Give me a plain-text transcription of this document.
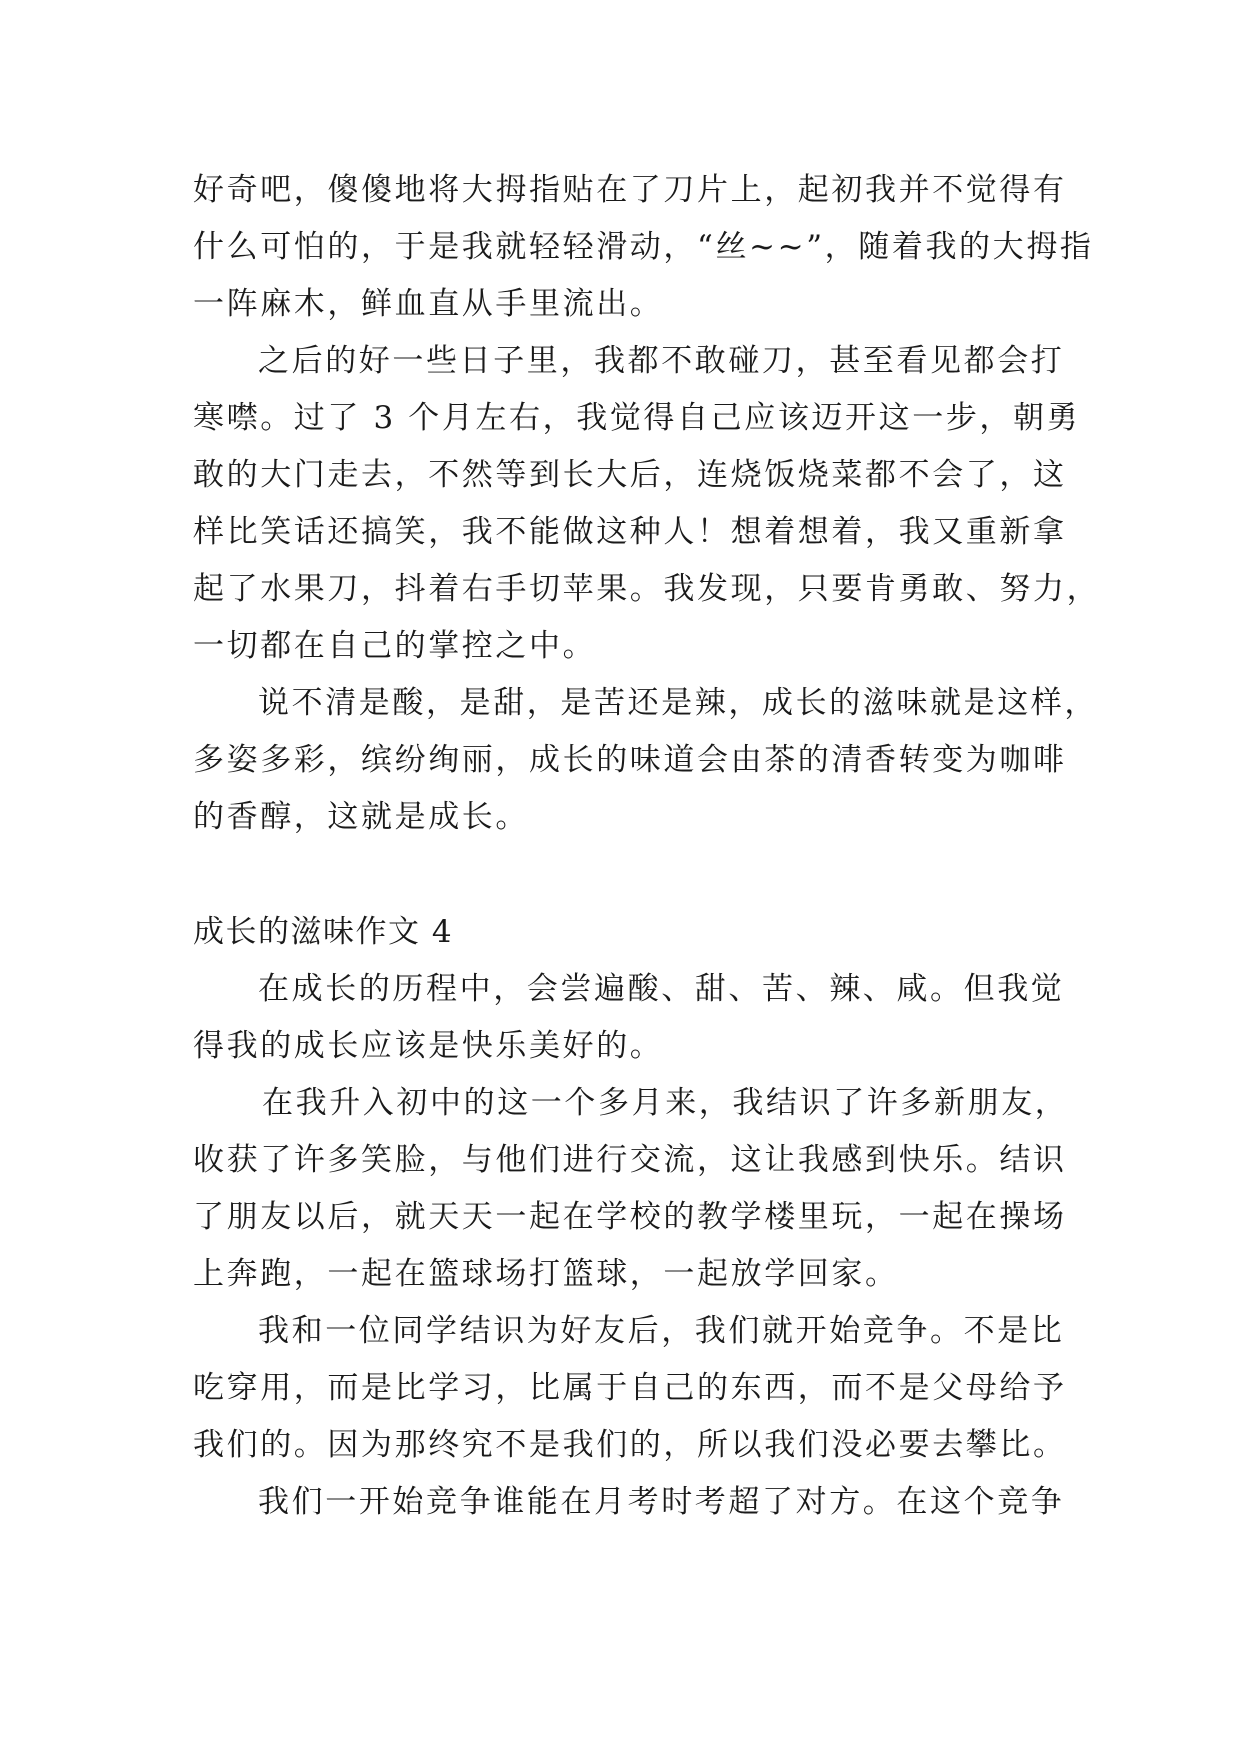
好奇吧，傻傻地将大拇指贴在了刀片上，起初我并不觉得有

什么可怕的，于是我就轻轻滑动，“丝~~”，随着我的大拇指

一阵麻木，鲜血直从手里流出。

之后的好一些日子里，我都不敢碰刀，甚至看见都会打

寒噤。过了 3 个月左右，我觉得自己应该迈开这一步，朝勇

敢的大门走去，不然等到长大后，连烧饭烧菜都不会了，这

样比笑话还搞笑，我不能做这种人！想着想着，我又重新拿

起了水果刀，抖着右手切苹果。我发现，只要肯勇敢、努力，

一切都在自己的掌控之中。

说不清是酸，是甜，是苦还是辣，成长的滋味就是这样，

多姿多彩，缤纷绚丽，成长的味道会由茶的清香转变为咖啡

的香醇，这就是成长。

成长的滋味作文 4

在成长的历程中，会尝遍酸、甜、苦、辣、咸。但我觉

得我的成长应该是快乐美好的。

在我升入初中的这一个多月来，我结识了许多新朋友，

收获了许多笑脸，与他们进行交流，这让我感到快乐。结识

了朋友以后，就天天一起在学校的教学楼里玩，一起在操场

上奔跑，一起在篮球场打篮球，一起放学回家。

我和一位同学结识为好友后，我们就开始竞争。不是比

吃穿用，而是比学习，比属于自己的东西，而不是父母给予

我们的。因为那终究不是我们的，所以我们没必要去攀比。

我们一开始竞争谁能在月考时考超了对方。在这个竞争
